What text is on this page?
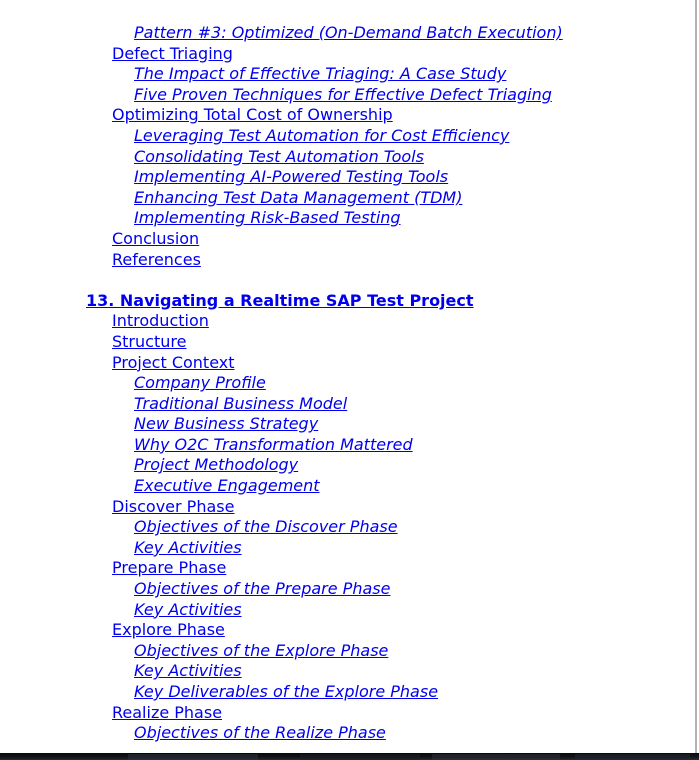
Pattern #3: Optimized (On-Demand Batch Execution)
Defect Triaging
The Impact of Effective Triaging: A Case Study
Five Proven Techniques for Effective Defect Triaging
Optimizing Total Cost of Ownership
Leveraging Test Automation for Cost Efficiency
Consolidating Test Automation Tools
Implementing AI-Powered Testing Tools
Enhancing Test Data Management (TDM)
Implementing Risk-Based Testing
Conclusion
References
13. Navigating a Realtime SAP Test Project
Introduction
Structure
Project Context
Company Profile
Traditional Business Model
New Business Strategy
Why O2C Transformation Mattered
Project Methodology
Executive Engagement
Discover Phase
Objectives of the Discover Phase
Key Activities
Prepare Phase
Objectives of the Prepare Phase
Key Activities
Explore Phase
Objectives of the Explore Phase
Key Activities
Key Deliverables of the Explore Phase
Realize Phase
Objectives of the Realize Phase
